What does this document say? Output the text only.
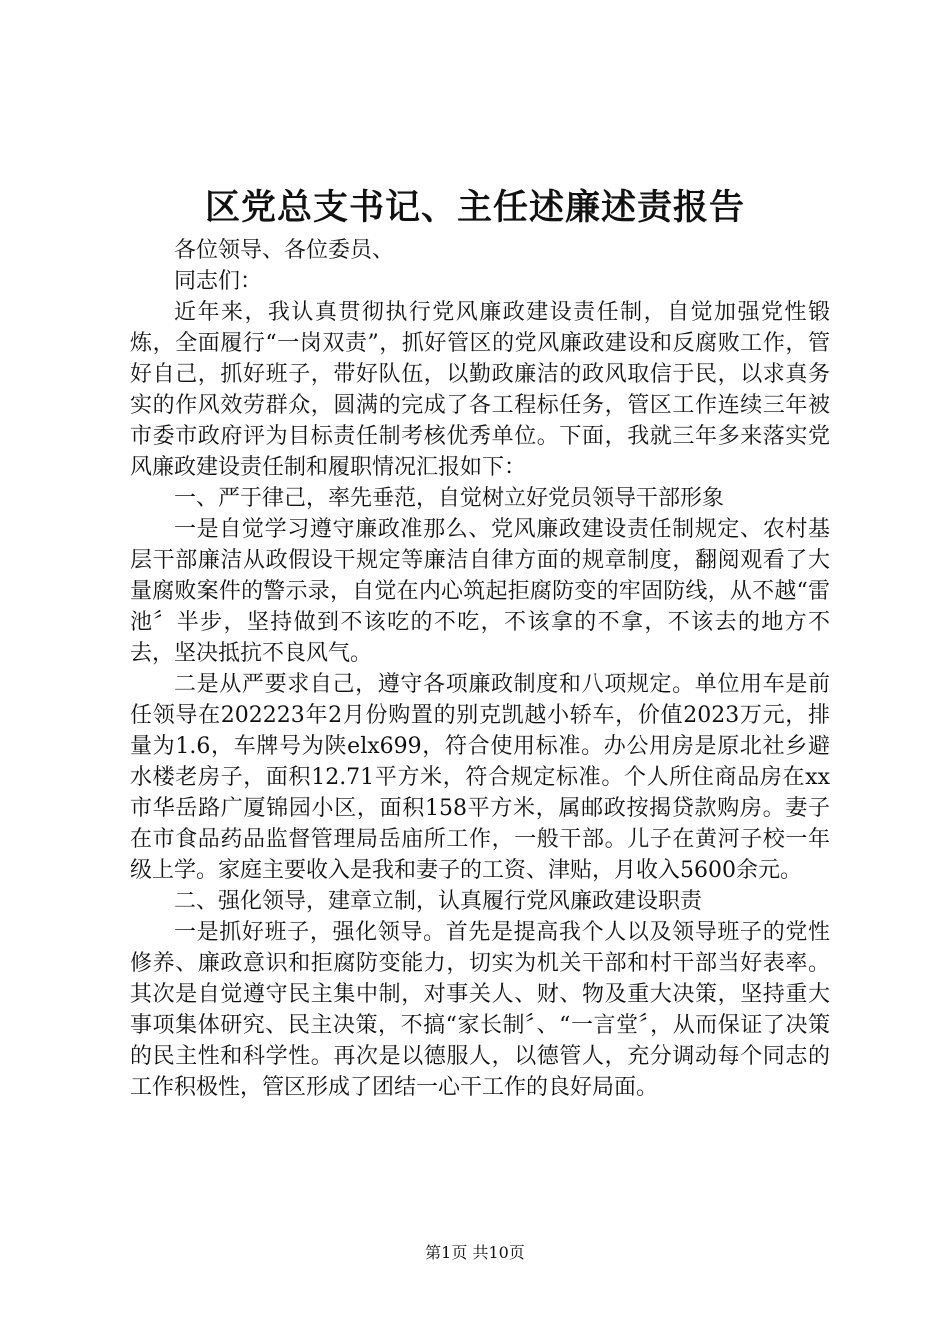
区党总支书记、主任述廉述责报告

各位领导、各位委员、

同志们：

近年来，我认真贯彻执行党风廉政建设责任制，自觉加强党性锻炼，全面履行“一岗双责”，抓好管区的党风廉政建设和反腐败工作，管好自己，抓好班子，带好队伍，以勤政廉洁的政风取信于民，以求真务实的作风效劳群众，圆满的完成了各工程标任务，管区工作连续三年被市委市政府评为目标责任制考核优秀单位。下面，我就三年多来落实党风廉政建设责任制和履职情况汇报如下：

一、严于律己，率先垂范，自觉树立好党员领导干部形象

一是自觉学习遵守廉政准那么、党风廉政建设责任制规定、农村基层干部廉洁从政假设干规定等廉洁自律方面的规章制度，翻阅观看了大量腐败案件的警示录，自觉在内心筑起拒腐防变的牢固防线，从不越“雷池〞半步，坚持做到不该吃的不吃，不该拿的不拿，不该去的地方不去，坚决抵抗不良风气。

二是从严要求自己，遵守各项廉政制度和八项规定。单位用车是前任领导在202223年2月份购置的别克凯越小轿车，价值2023万元，排量为1.6，车牌号为陕elx699，符合使用标准。办公用房是原北社乡避水楼老房子，面积12.71平方米，符合规定标准。个人所住商品房在xx市华岳路广厦锦园小区，面积158平方米，属邮政按揭贷款购房。妻子在市食品药品监督管理局岳庙所工作，一般干部。儿子在黄河子校一年级上学。家庭主要收入是我和妻子的工资、津贴，月收入5600余元。

二、强化领导，建章立制，认真履行党风廉政建设职责

一是抓好班子，强化领导。首先是提高我个人以及领导班子的党性修养、廉政意识和拒腐防变能力，切实为机关干部和村干部当好表率。其次是自觉遵守民主集中制，对事关人、财、物及重大决策，坚持重大事项集体研究、民主决策，不搞“家长制〞、“一言堂〞，从而保证了决策的民主性和科学性。再次是以德服人，以德管人，充分调动每个同志的工作积极性，管区形成了团结一心干工作的良好局面。

第1页 共10页
